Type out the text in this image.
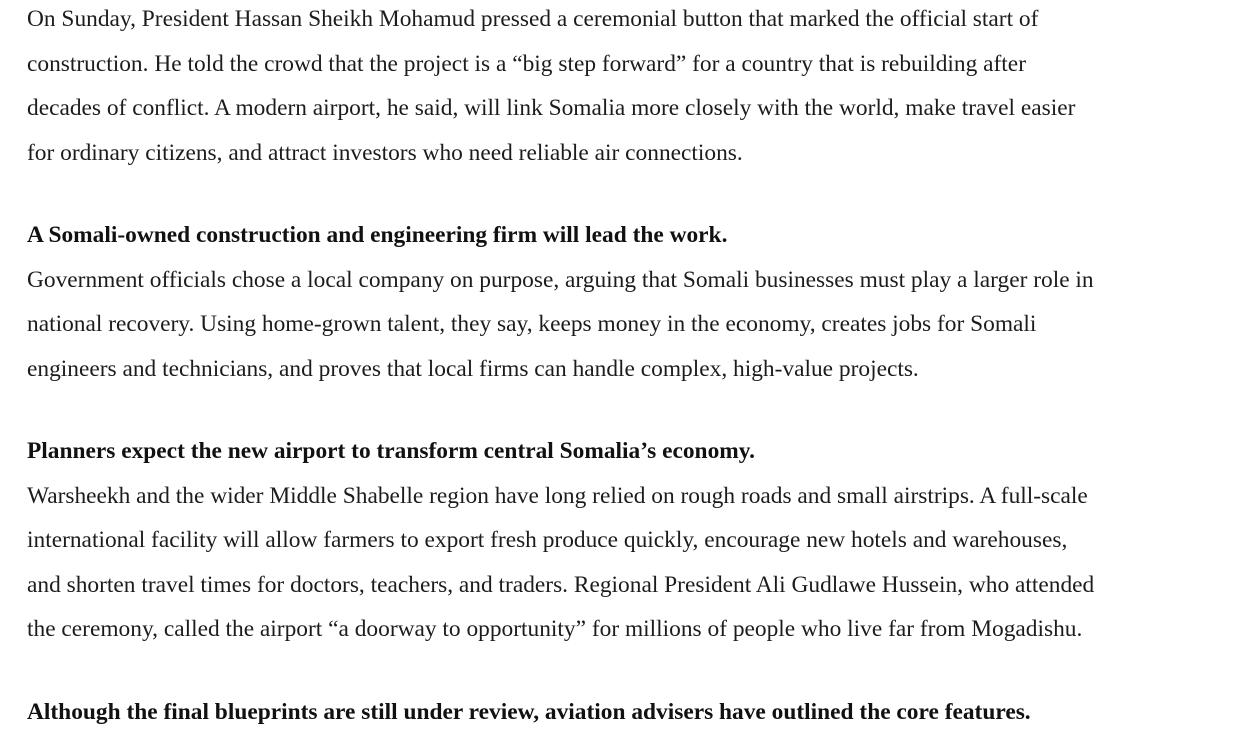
On Sunday, President Hassan Sheikh Mohamud pressed a ceremonial button that marked the official start of
construction. He told the crowd that the project is a “big step forward” for a country that is rebuilding after
decades of conflict. A modern airport, he said, will link Somalia more closely with the world, make travel easier
for ordinary citizens, and attract investors who need reliable air connections.

A Somali-owned construction and engineering firm will lead the work.

Government officials chose a local company on purpose, arguing that Somali businesses must play a larger role in
national recovery. Using home-grown talent, they say, keeps money in the economy, creates jobs for Somali
engineers and technicians, and proves that local firms can handle complex, high-value projects.

Planners expect the new airport to transform central Somalia’s economy.

Warsheekh and the wider Middle Shabelle region have long relied on rough roads and small airstrips. A full-scale
international facility will allow farmers to export fresh produce quickly, encourage new hotels and warehouses,
and shorten travel times for doctors, teachers, and traders. Regional President Ali Gudlawe Hussein, who attended
the ceremony, called the airport “a doorway to opportunity” for millions of people who live far from Mogadishu.

Although the final blueprints are still under review, aviation advisers have outlined the core features.
